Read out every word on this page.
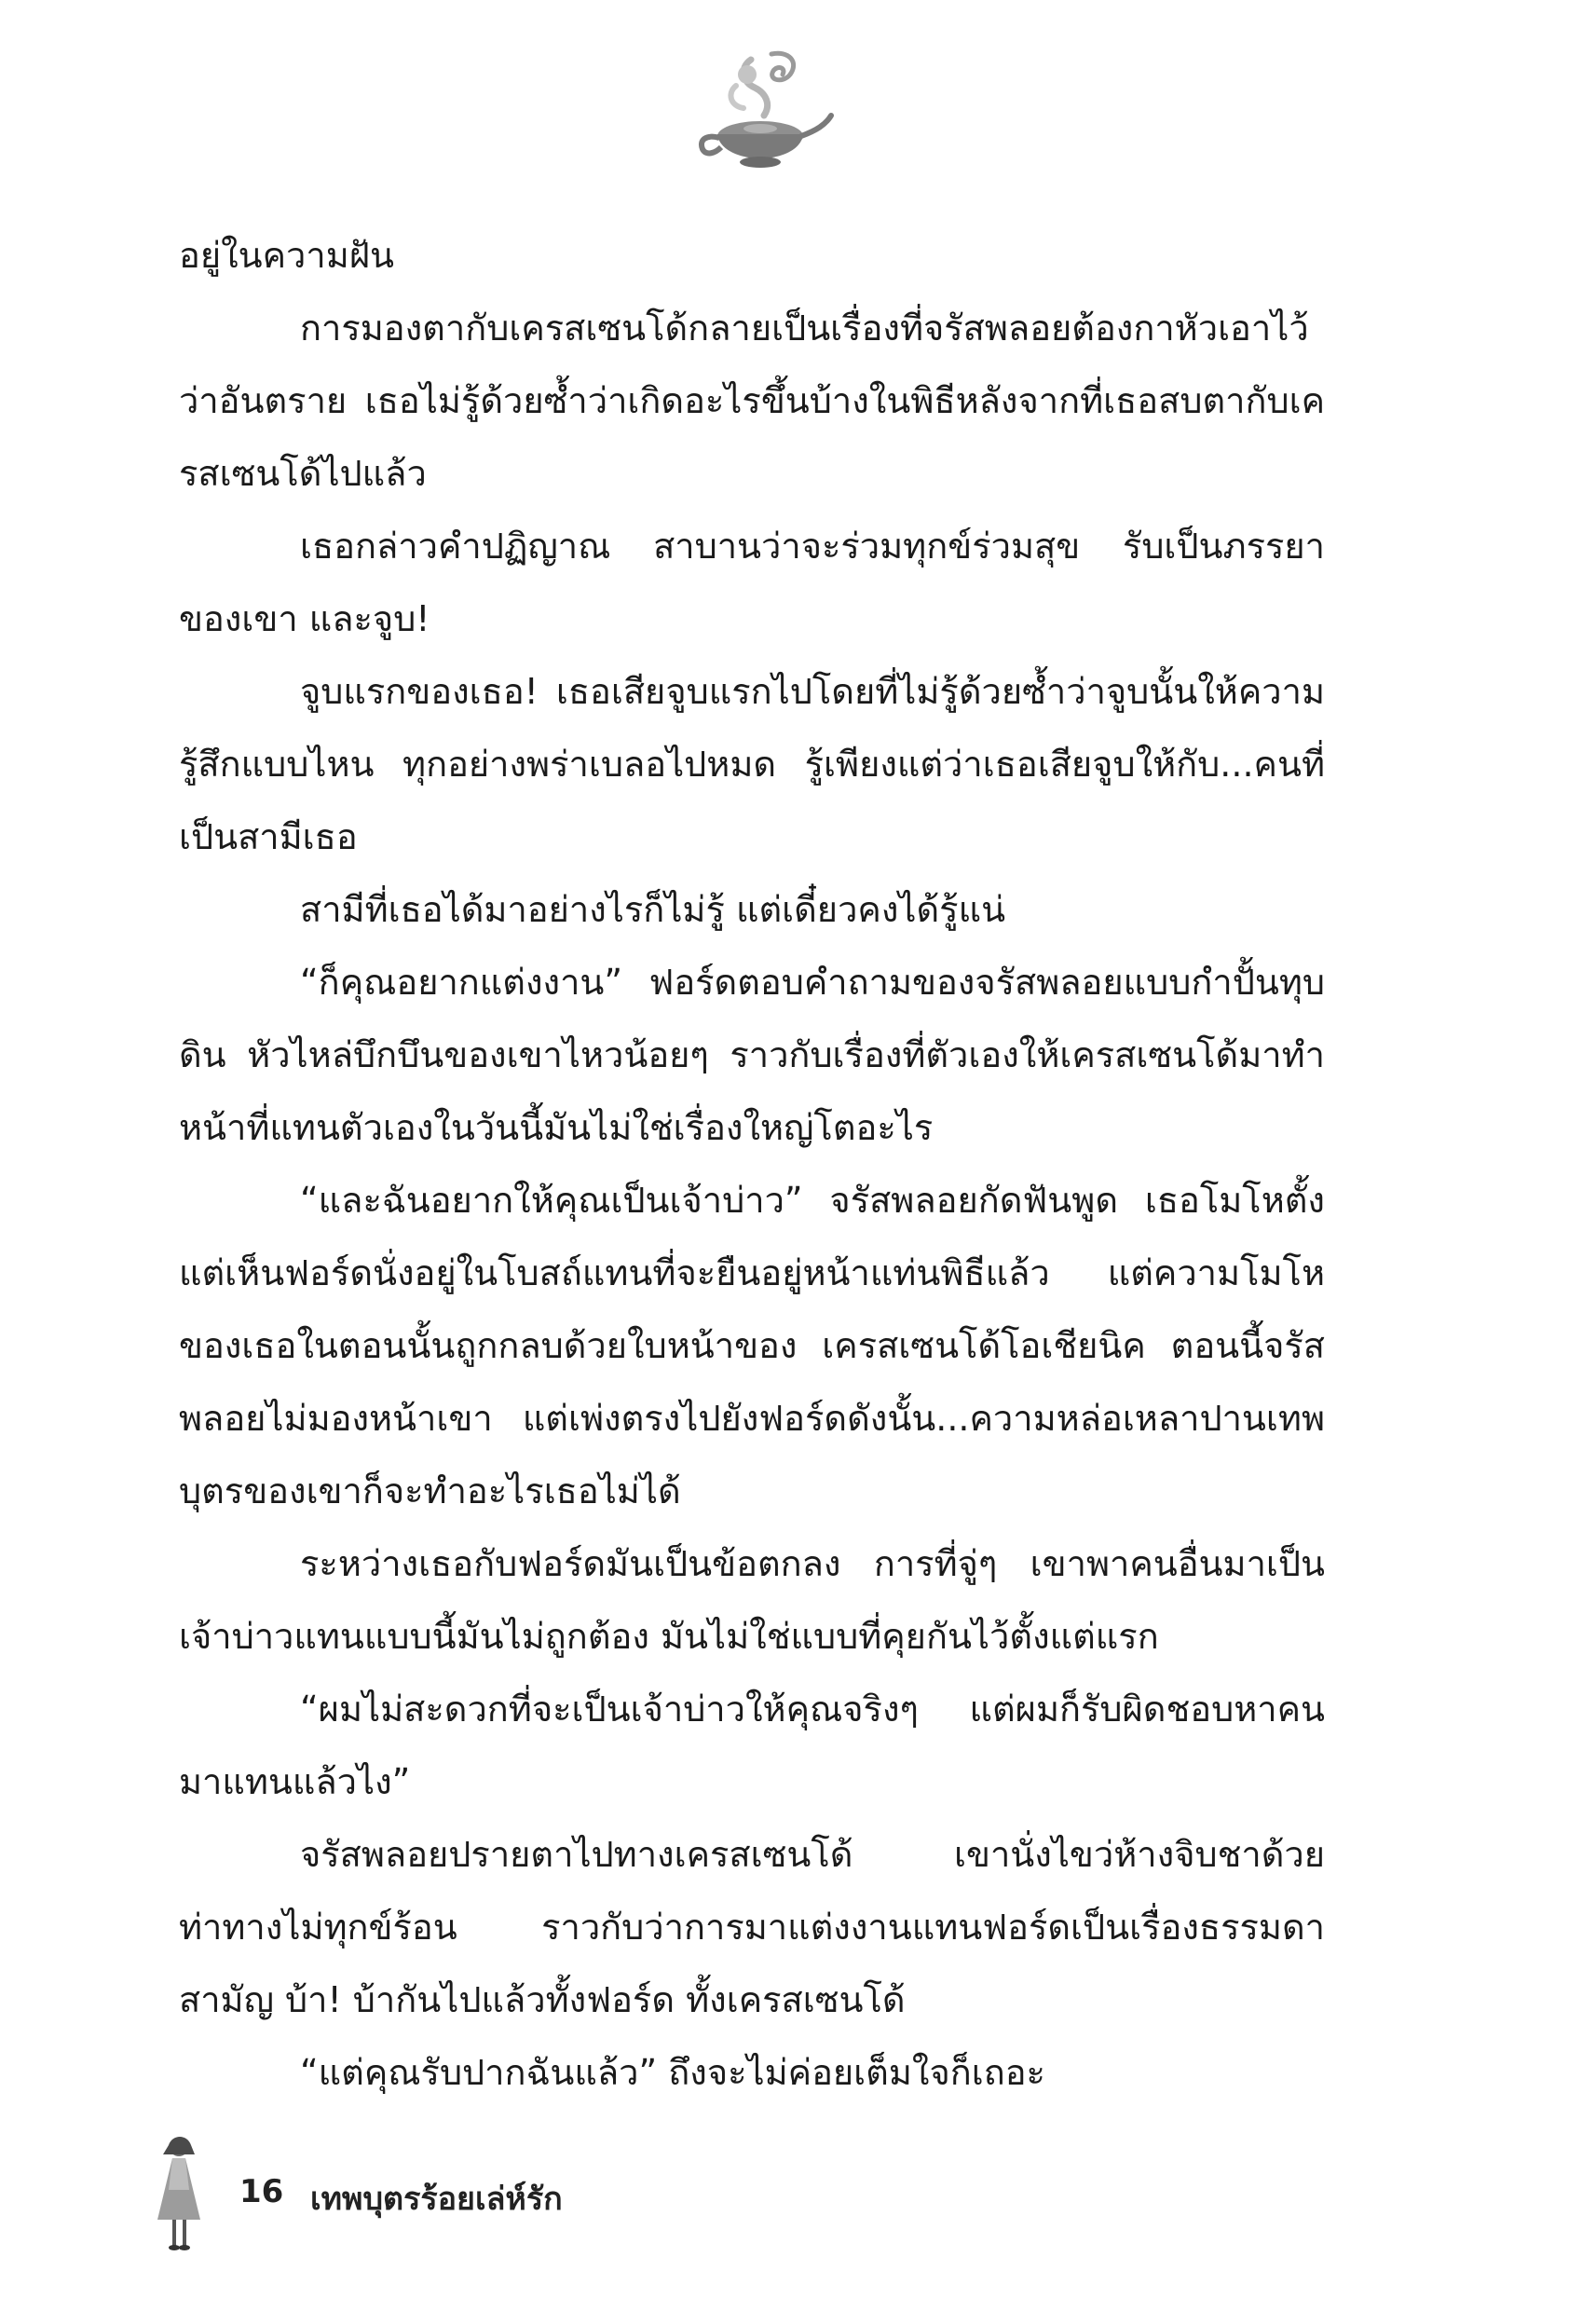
อยู่ในความฝัน

การมองตากับเครสเซนโด้กลายเป็นเรื่องที่จรัสพลอยต้องกาหัวเอาไว้ว่าอันตราย เธอไม่รู้ด้วยซ้ำว่าเกิดอะไรขึ้นบ้างในพิธีหลังจากที่เธอสบตากับเครสเซนโด้ไปแล้ว

เธอกล่าวคำปฏิญาณ สาบานว่าจะร่วมทุกข์ร่วมสุข รับเป็นภรรยาของเขา และจูบ!

จูบแรกของเธอ! เธอเสียจูบแรกไปโดยที่ไม่รู้ด้วยซ้ำว่าจูบนั้นให้ความรู้สึกแบบไหน ทุกอย่างพร่าเบลอไปหมด รู้เพียงแต่ว่าเธอเสียจูบให้กับ...คนที่เป็นสามีเธอ

สามีที่เธอได้มาอย่างไรก็ไม่รู้ แต่เดี๋ยวคงได้รู้แน่

“ก็คุณอยากแต่งงาน” ฟอร์ดตอบคำถามของจรัสพลอยแบบกำปั้นทุบดิน หัวไหล่บึกบึนของเขาไหวน้อยๆ ราวกับเรื่องที่ตัวเองให้เครสเซนโด้มาทำหน้าที่แทนตัวเองในวันนี้มันไม่ใช่เรื่องใหญ่โตอะไร

“และฉันอยากให้คุณเป็นเจ้าบ่าว” จรัสพลอยกัดฟันพูด เธอโมโหตั้งแต่เห็นฟอร์ดนั่งอยู่ในโบสถ์แทนที่จะยืนอยู่หน้าแท่นพิธีแล้ว แต่ความโมโหของเธอในตอนนั้นถูกกลบด้วยใบหน้าของ เครสเซนโด้โอเชียนิค ตอนนี้จรัสพลอยไม่มองหน้าเขา แต่เพ่งตรงไปยังฟอร์ดดังนั้น...ความหล่อเหลาปานเทพบุตรของเขาก็จะทำอะไรเธอไม่ได้

ระหว่างเธอกับฟอร์ดมันเป็นข้อตกลง การที่จู่ๆ เขาพาคนอื่นมาเป็นเจ้าบ่าวแทนแบบนี้มันไม่ถูกต้อง มันไม่ใช่แบบที่คุยกันไว้ตั้งแต่แรก

“ผมไม่สะดวกที่จะเป็นเจ้าบ่าวให้คุณจริงๆ แต่ผมก็รับผิดชอบหาคนมาแทนแล้วไง”

จรัสพลอยปรายตาไปทางเครสเซนโด้ เขานั่งไขว่ห้างจิบชาด้วยท่าทางไม่ทุกข์ร้อน ราวกับว่าการมาแต่งงานแทนฟอร์ดเป็นเรื่องธรรมดาสามัญ บ้า! บ้ากันไปแล้วทั้งฟอร์ด ทั้งเครสเซนโด้

“แต่คุณรับปากฉันแล้ว” ถึงจะไม่ค่อยเต็มใจก็เถอะ

16 เทพบุตรร้อยเล่ห์รัก
